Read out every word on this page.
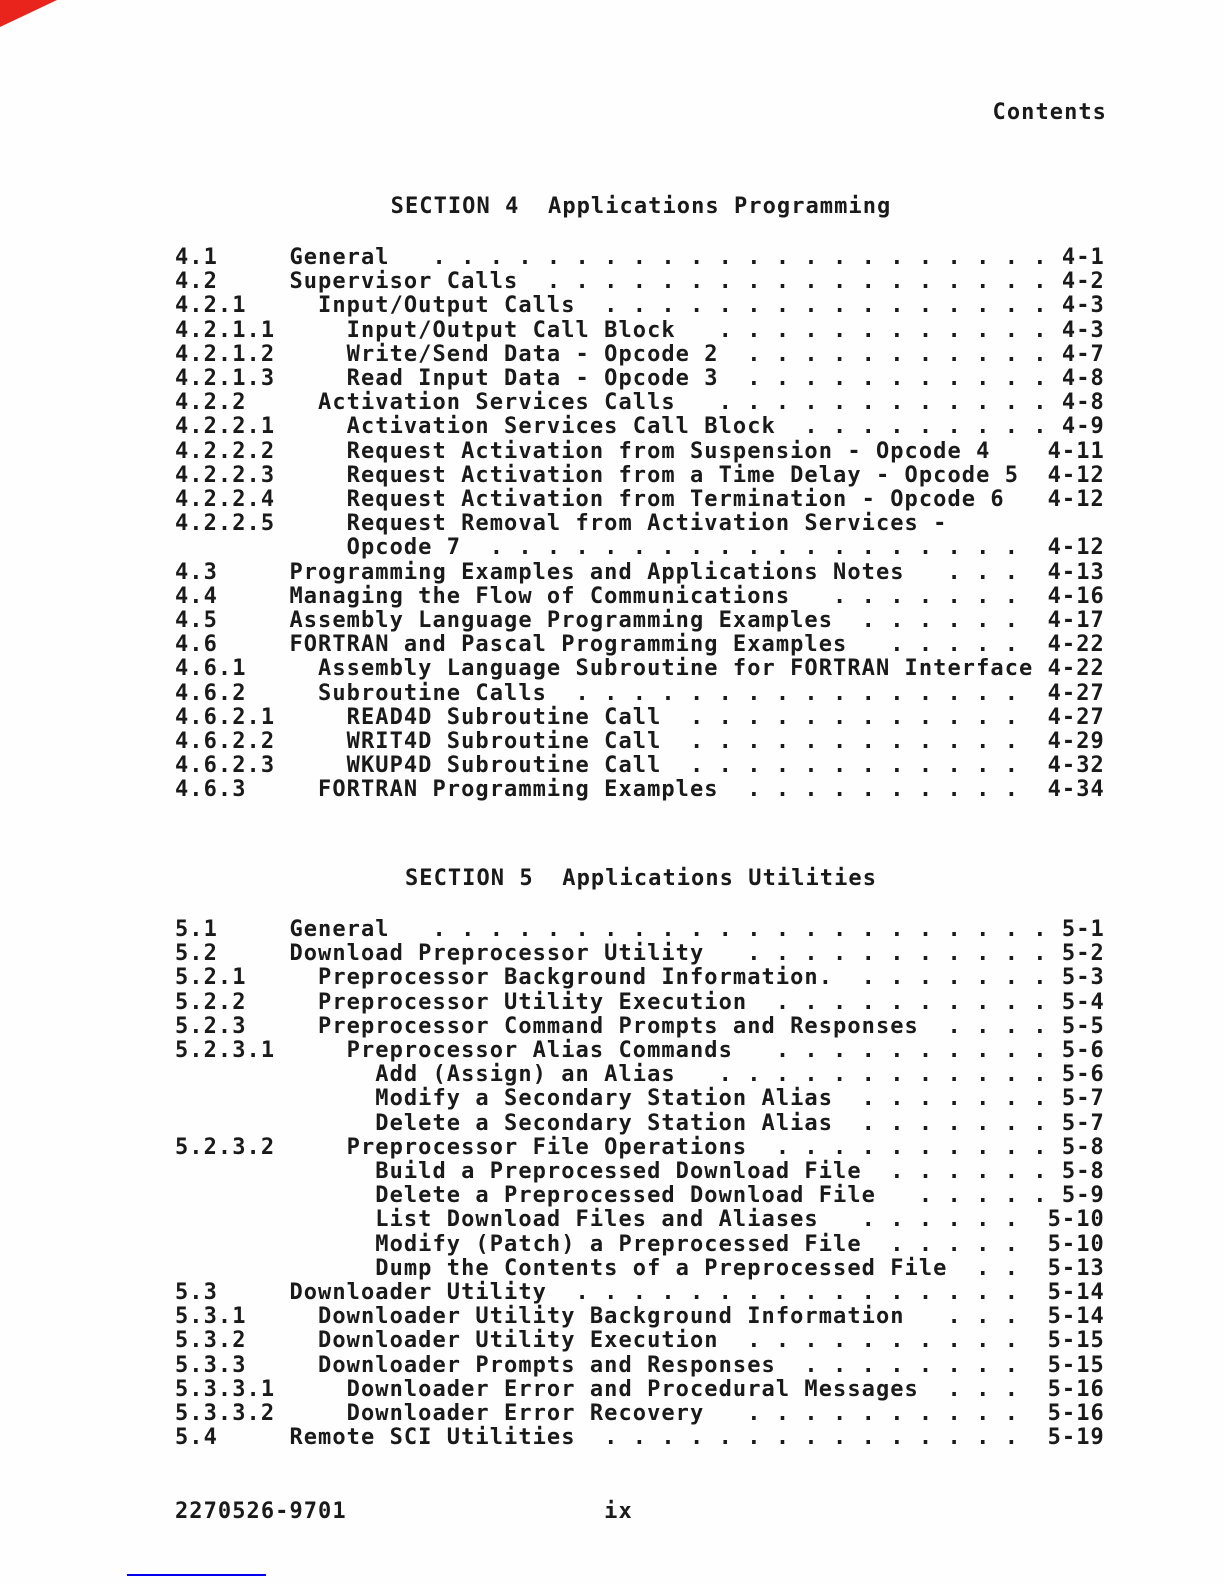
Contents
SECTION 4  Applications Programming
4.1     General   . . . . . . . . . . . . . . . . . . . . . . 4-1
4.2     Supervisor Calls  . . . . . . . . . . . . . . . . . . 4-2
4.2.1     Input/Output Calls  . . . . . . . . . . . . . . . . 4-3
4.2.1.1     Input/Output Call Block   . . . . . . . . . . . . 4-3
4.2.1.2     Write/Send Data - Opcode 2  . . . . . . . . . . . 4-7
4.2.1.3     Read Input Data - Opcode 3  . . . . . . . . . . . 4-8
4.2.2     Activation Services Calls   . . . . . . . . . . . . 4-8
4.2.2.1     Activation Services Call Block  . . . . . . . . . 4-9
4.2.2.2     Request Activation from Suspension - Opcode 4    4-11
4.2.2.3     Request Activation from a Time Delay - Opcode 5  4-12
4.2.2.4     Request Activation from Termination - Opcode 6   4-12
4.2.2.5     Request Removal from Activation Services -
Opcode 7  . . . . . . . . . . . . . . . . . . .  4-12
4.3     Programming Examples and Applications Notes   . . .  4-13
4.4     Managing the Flow of Communications   . . . . . . .  4-16
4.5     Assembly Language Programming Examples  . . . . . .  4-17
4.6     FORTRAN and Pascal Programming Examples   . . . . .  4-22
4.6.1     Assembly Language Subroutine for FORTRAN Interface 4-22
4.6.2     Subroutine Calls  . . . . . . . . . . . . . . . .  4-27
4.6.2.1     READ4D Subroutine Call  . . . . . . . . . . . .  4-27
4.6.2.2     WRIT4D Subroutine Call  . . . . . . . . . . . .  4-29
4.6.2.3     WKUP4D Subroutine Call  . . . . . . . . . . . .  4-32
4.6.3     FORTRAN Programming Examples  . . . . . . . . . .  4-34
SECTION 5  Applications Utilities
5.1     General   . . . . . . . . . . . . . . . . . . . . . . 5-1
5.2     Download Preprocessor Utility   . . . . . . . . . . . 5-2
5.2.1     Preprocessor Background Information.  . . . . . . . 5-3
5.2.2     Preprocessor Utility Execution  . . . . . . . . . . 5-4
5.2.3     Preprocessor Command Prompts and Responses  . . . . 5-5
5.2.3.1     Preprocessor Alias Commands   . . . . . . . . . . 5-6
Add (Assign) an Alias   . . . . . . . . . . . . 5-6
Modify a Secondary Station Alias  . . . . . . . 5-7
Delete a Secondary Station Alias  . . . . . . . 5-7
5.2.3.2     Preprocessor File Operations  . . . . . . . . . . 5-8
Build a Preprocessed Download File  . . . . . . 5-8
Delete a Preprocessed Download File   . . . . . 5-9
List Download Files and Aliases   . . . . . .  5-10
Modify (Patch) a Preprocessed File  . . . . .  5-10
Dump the Contents of a Preprocessed File  . .  5-13
5.3     Downloader Utility  . . . . . . . . . . . . . . . .  5-14
5.3.1     Downloader Utility Background Information   . . .  5-14
5.3.2     Downloader Utility Execution  . . . . . . . . . .  5-15
5.3.3     Downloader Prompts and Responses  . . . . . . . .  5-15
5.3.3.1     Downloader Error and Procedural Messages  . . .  5-16
5.3.3.2     Downloader Error Recovery   . . . . . . . . . .  5-16
5.4     Remote SCI Utilities  . . . . . . . . . . . . . . .  5-19
2270526-9701	ix
